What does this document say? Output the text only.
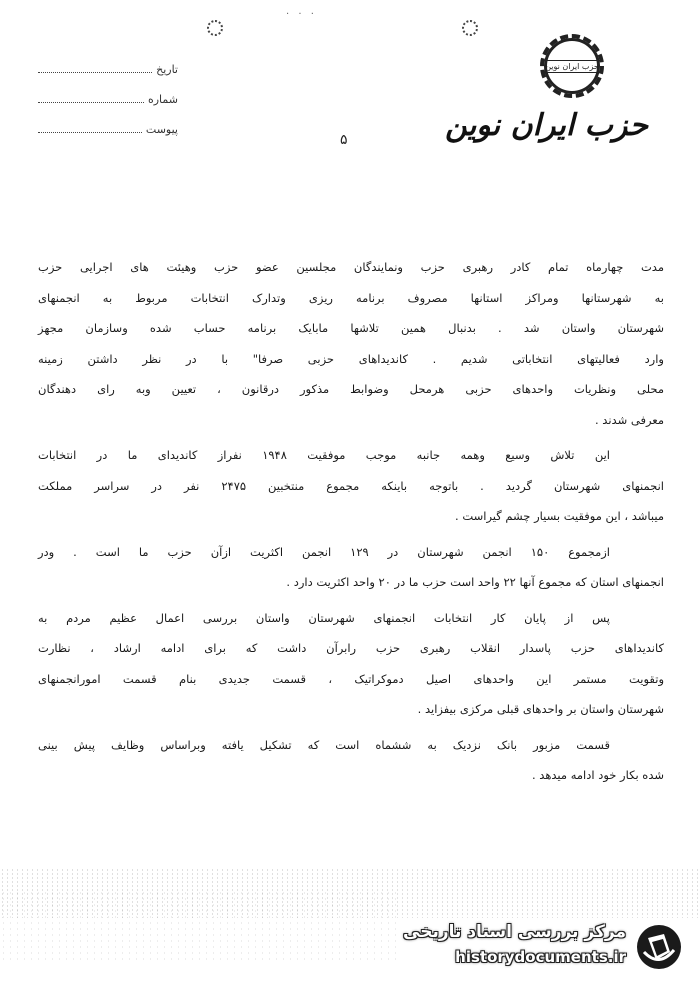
. . .
تاریخ
شماره
پیوست
حزب ایران نوین
حزب ایران نوین
۵
مدت چهارماه تمام کادر رهبری حزب ونمایندگان مجلسین عضو حزب وهیئت های اجرایی حزب
به شهرستانها ومراکز استانها مصروف برنامه ریزی وتدارک انتخابات مربوط به انجمنهای
شهرستان واستان شد . بدنبال همین تلاشها مابایک برنامه حساب شده وسازمان مجهز
وارد فعالیتهای انتخاباتی شدیم . کاندیداهای حزبی صرفا" با در نظر داشتن زمینه
محلی ونظریات واحدهای حزبی هرمحل وضوابط مذکور درقانون ، تعیین وبه رای دهندگان
معرفی شدند .
این تلاش وسیع وهمه جانبه موجب موفقیت ۱۹۴۸ نفراز کاندیدای ما در انتخابات
انجمنهای شهرستان گردید . باتوجه باینکه مجموع منتخبین ۲۴۷۵ نفر در سراسر مملکت
میباشد ، این موفقیت بسیار چشم گیراست .
ازمجموع ۱۵۰ انجمن شهرستان در ۱۲۹ انجمن اکثریت ازآن حزب ما است . ودر
انجمنهای استان که مجموع آنها ۲۲ واحد است حزب ما در ۲۰ واحد اکثریت دارد .
پس از پایان کار انتخابات انجمنهای شهرستان واستان بررسی اعمال عظیم مردم به
کاندیداهای حزب پاسدار انقلاب رهبری حزب رابرآن داشت که برای ادامه ارشاد ، نظارت
وتقویت مستمر این واحدهای اصیل دموکراتیک ، قسمت جدیدی بنام قسمت امورانجمنهای
شهرستان واستان بر واحدهای قبلی مرکزی بیفزاید .
قسمت مزبور بانک نزدیک به ششماه است که تشکیل یافته وبراساس وظایف پیش بینی
شده بکار خود ادامه میدهد .
مرکز بررسی اسناد تاریخی
historydocuments.ir
